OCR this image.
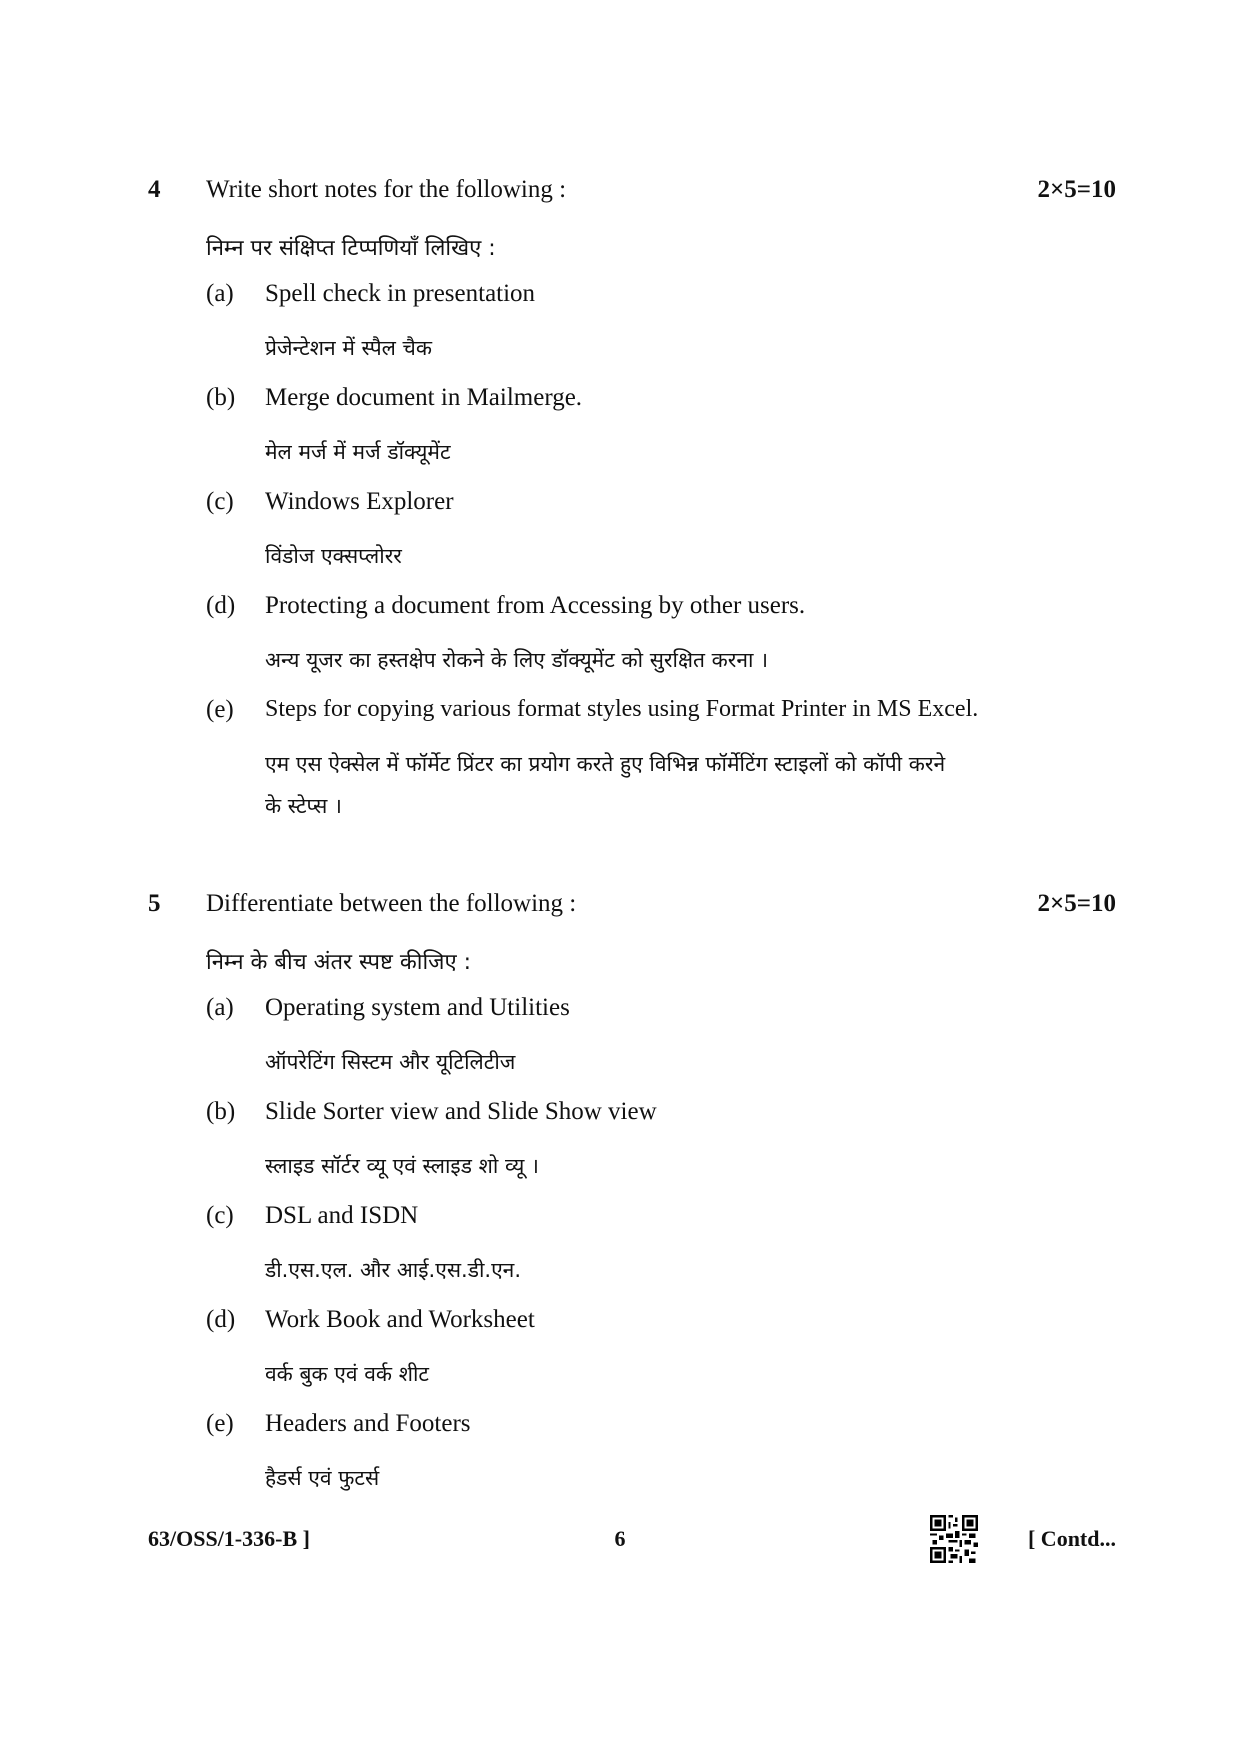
4 Write short notes for the following :	2×5=10
निम्न पर संक्षिप्त टिप्पणियाँ लिखिए :
(a) Spell check in presentation
प्रेजेन्टेशन में स्पैल चैक
(b) Merge document in Mailmerge.
मेल मर्ज में मर्ज डॉक्यूमेंट
(c) Windows Explorer
विंडोज एक्सप्लोरर
(d) Protecting a document from Accessing by other users.
अन्य यूजर का हस्तक्षेप रोकने के लिए डॉक्यूमेंट को सुरक्षित करना ।
(e) Steps for copying various format styles using Format Printer in MS Excel.
एम एस ऐक्सेल में फॉर्मेट प्रिंटर का प्रयोग करते हुए विभिन्न फॉर्मेटिंग स्टाइलों को कॉपी करने
के स्टेप्स ।
5 Differentiate between the following :	2×5=10
निम्न के बीच अंतर स्पष्ट कीजिए :
(a) Operating system and Utilities
ऑपरेटिंग सिस्टम और यूटिलिटीज
(b) Slide Sorter view and Slide Show view
स्लाइड सॉर्टर व्यू एवं स्लाइड शो व्यू ।
(c) DSL and ISDN
डी.एस.एल. और आई.एस.डी.एन.
(d) Work Book and Worksheet
वर्क बुक एवं वर्क शीट
(e) Headers and Footers
हैडर्स एवं फुटर्स
63/OSS/1-336-B ]	6	[ Contd...
